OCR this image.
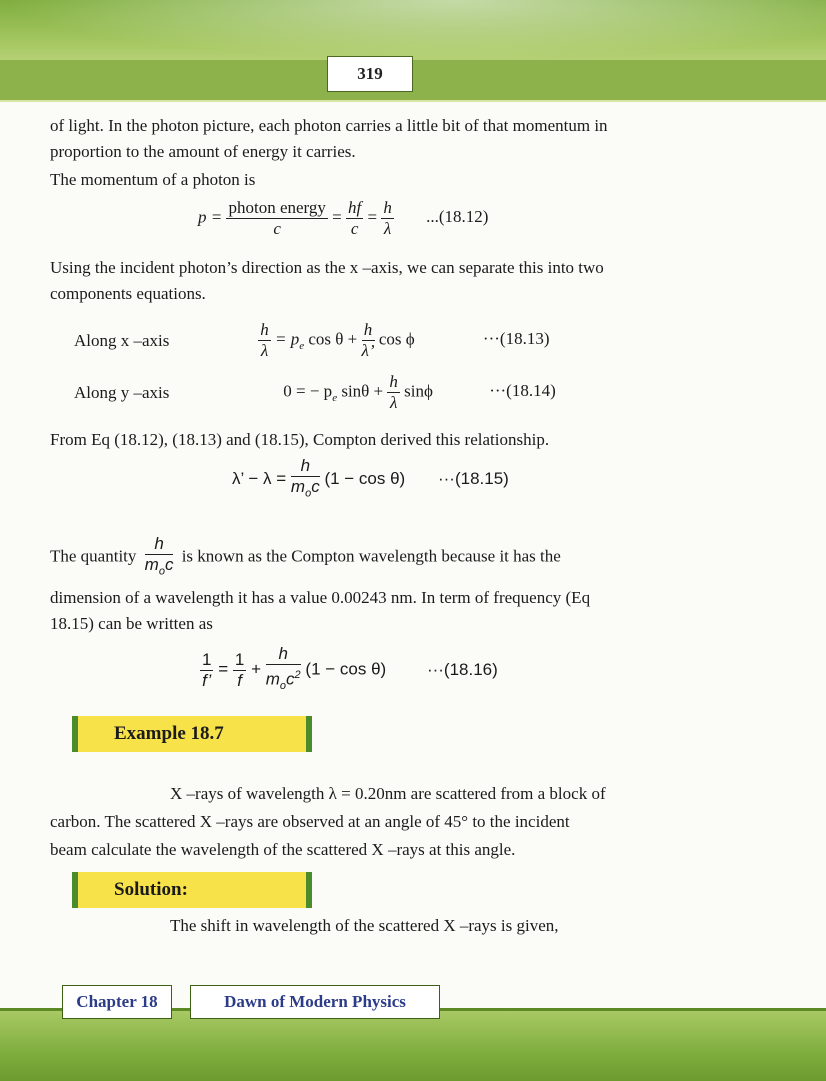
319
of light. In the photon picture, each photon carries a little bit of that momentum in
proportion to the amount of energy it carries.
The momentum of a photon is
$p = \frac{\text{photon energy}}{c} = \frac{hf}{c} = \frac{h}{\lambda} ...(18.12)$
Using the incident photon’s direction as the x –axis, we can separate this into two
components equations.
Along x –axis	$\frac{h}{\lambda} = p_e$ $\cos \theta + \frac{h}{\lambda’}$ cos ϕ	···(18.13)
Along y –axis	0 = − $p_e$ $\sin\theta + \frac{h}{\lambda}$ sinϕ	···(18.14)
From Eq (18.12), (18.13) and (18.15), Compton derived this relationship.
λ’ − $\lambda = \frac{h}{m_oc} (1 - \cos \theta) \cdot\cdot\cdot(18.15)$
The quantity $\frac{h}{m_oc}$ is known as the Compton wavelength because it has the
dimension of a wavelength it has a value 0.00243 nm. In term of frequency (Eq
18.15) can be written as
$\frac{1}{f’} = \frac{1}{f} + \frac{h}{m_oc^2} (1 - \cos \theta) \cdot\cdot\cdot(18.16)$
Example 18.7
X –rays of wavelength λ = 0.20nm are scattered from a block of
carbon. The scattered X –rays are observed at an angle of 45° to the incident
beam calculate the wavelength of the scattered X –rays at this angle.
Solution:
The shift in wavelength of the scattered X –rays is given,
Chapter 18	Dawn of Modern Physics
